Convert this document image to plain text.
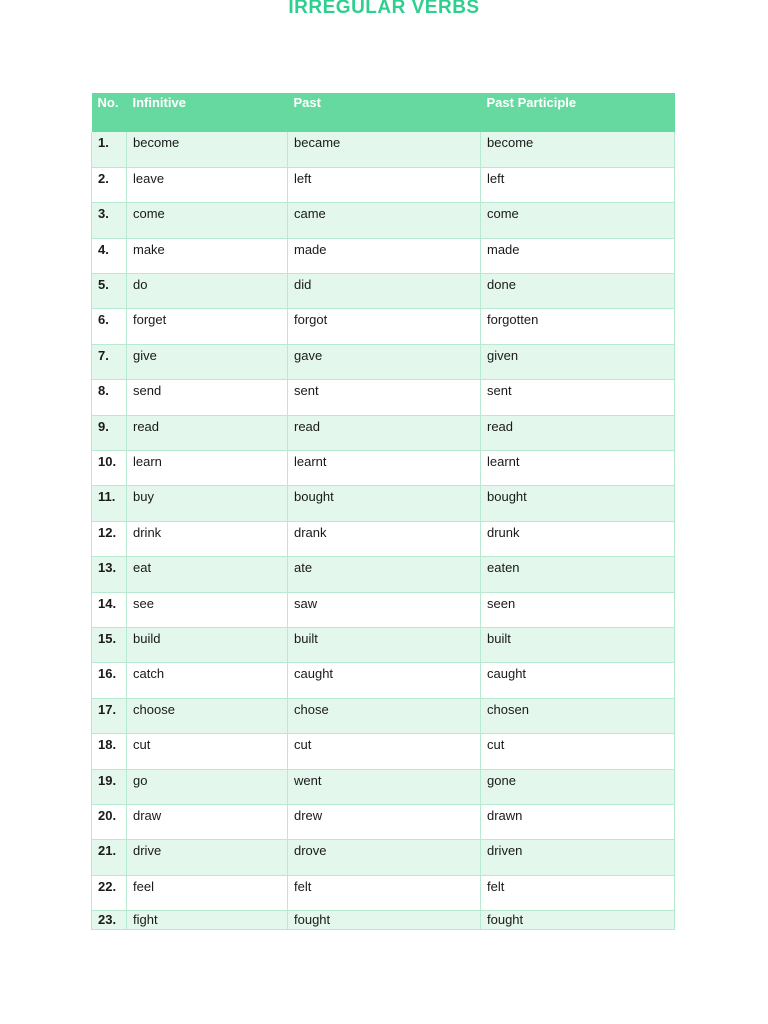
IRREGULAR VERBS
No.	Infinitive	Past	Past Participle
1.	become	became	become
2.	leave	left	left
3.	come	came	come
4.	make	made	made
5.	do	did	done
6.	forget	forgot	forgotten
7.	give	gave	given
8.	send	sent	sent
9.	read	read	read
10.	learn	learnt	learnt
11.	buy	bought	bought
12.	drink	drank	drunk
13.	eat	ate	eaten
14.	see	saw	seen
15.	build	built	built
16.	catch	caught	caught
17.	choose	chose	chosen
18.	cut	cut	cut
19.	go	went	gone
20.	draw	drew	drawn
21.	drive	drove	driven
22.	feel	felt	felt
23.	fight	fought	fought
